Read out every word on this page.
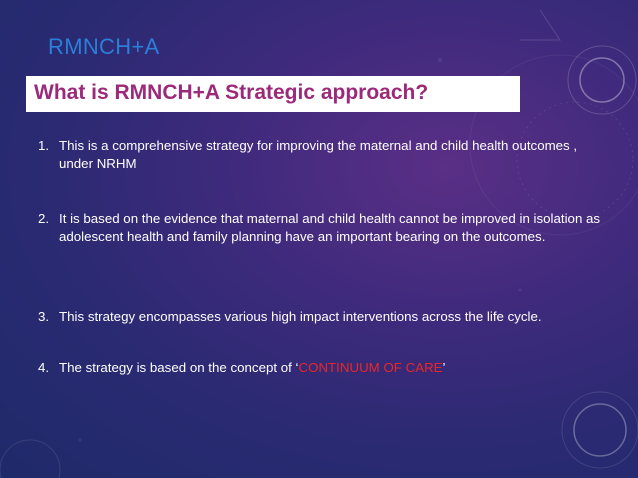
RMNCH+A
What is RMNCH+A Strategic approach?
1. This is a comprehensive strategy for improving the maternal and child health outcomes , under NRHM
2. It is based on the evidence that maternal and child health cannot be improved in isolation as adolescent health and family planning have an important bearing on the outcomes.
3. This strategy encompasses various high impact interventions across the life cycle.
4. The strategy is based on the concept of ‘CONTINUUM OF CARE’
